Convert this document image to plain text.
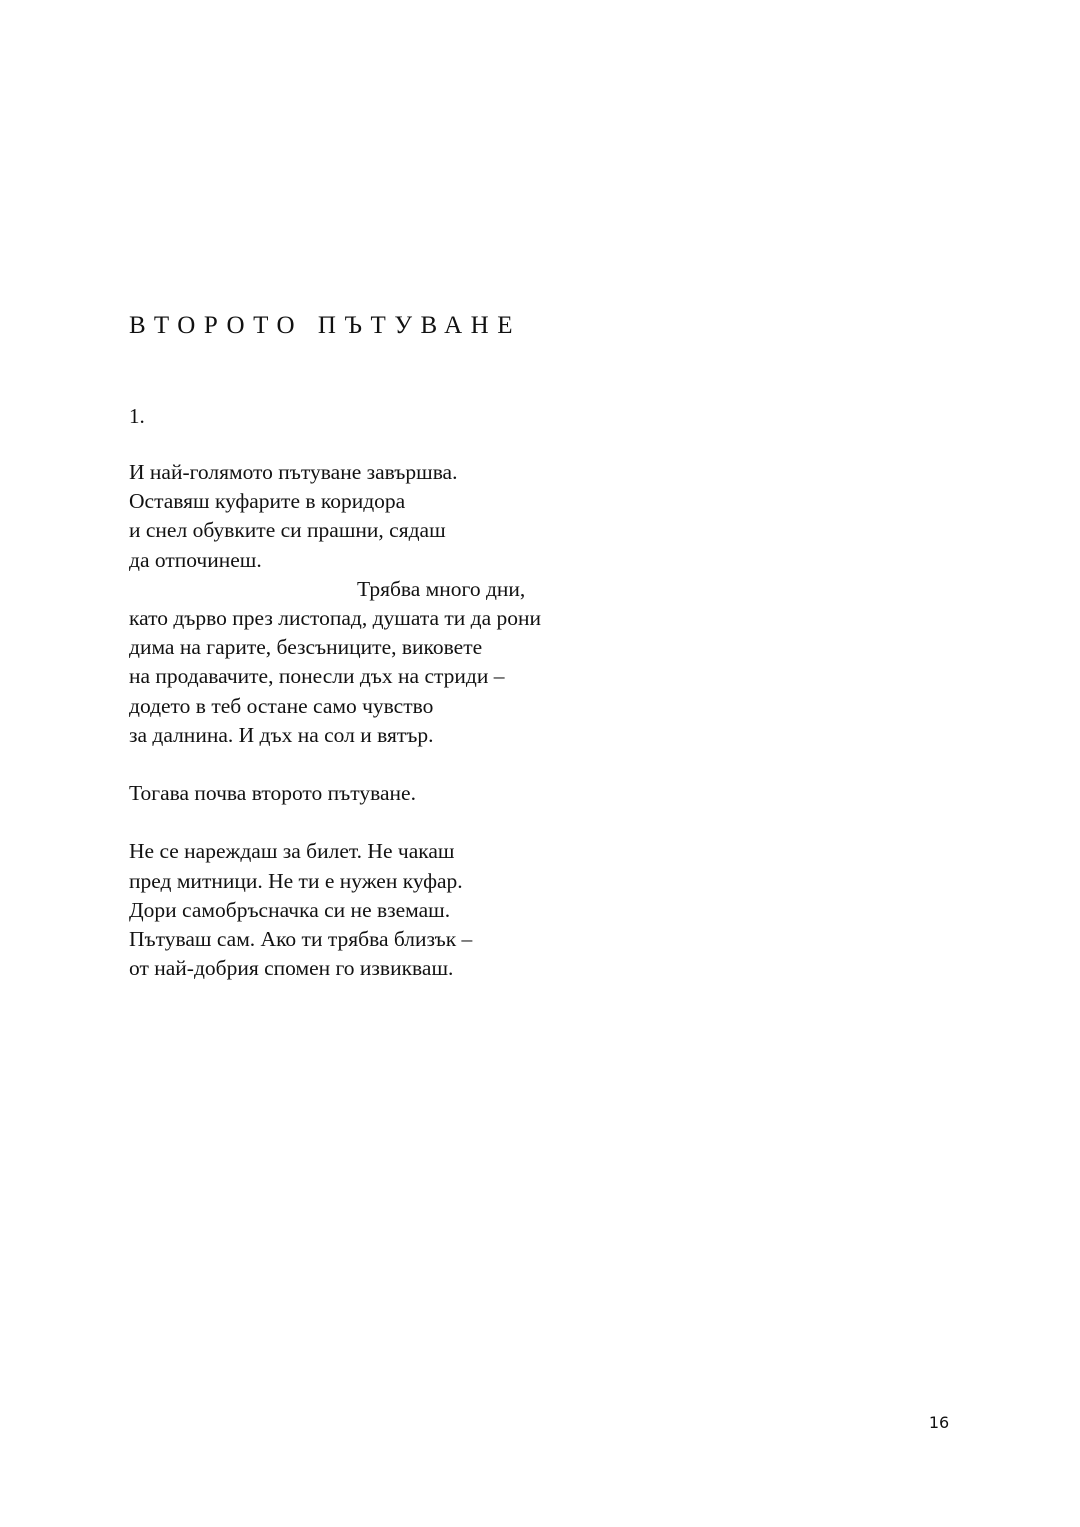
ВТОРОТО ПЪТУВАНЕ
1.
И най-голямото пътуване завършва.
Оставяш куфарите в коридора
и снел обувките си прашни, сядаш
да отпочинеш.
Трябва много дни,
като дърво през листопад, душата ти да рони
дима на гарите, безсъниците, виковете
на продавачите, понесли дъх на стриди –
додето в теб остане само чувство
за далнина. И дъх на сол и вятър.
Тогава почва второто пътуване.
Не се нареждаш за билет. Не чакаш
пред митници. Не ти е нужен куфар.
Дори самобръсначка си не вземаш.
Пътуваш сам. Ако ти трябва близък –
от най-добрия спомен го извикваш.
16
